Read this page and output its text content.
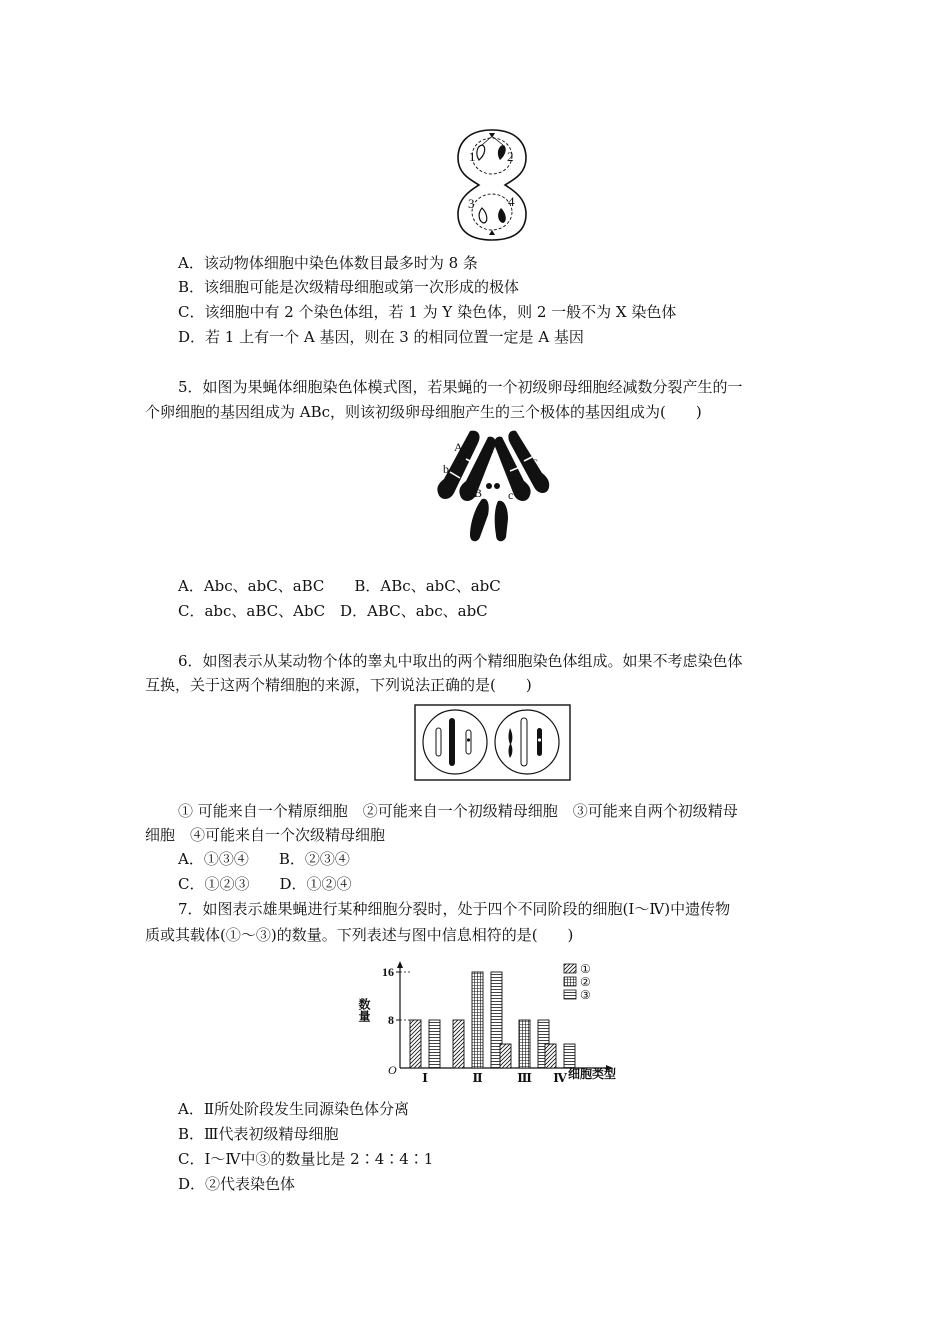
1 2
3	4
A．该动物体细胞中染色体数目最多时为 8 条
B．该细胞可能是次级精母细胞或第一次形成的极体
C．该细胞中有 2 个染色体组，若 1 为 Y 染色体，则 2 一般不为 X 染色体
D．若 1 上有一个 A 基因，则在 3 的相同位置一定是 A 基因
5．如图为果蝇体细胞染色体模式图，若果蝇的一个初级卵母细胞经减数分裂产生的一
个卵细胞的基因组成为 ABc，则该初级卵母细胞产生的三个极体的基因组成为(　　)
A a
b
B c
C
A．Abc、abC、aBC　　B．ABc、abC、abC
C．abc、aBC、AbC　D．ABC、abc、abC
6．如图表示从某动物个体的睾丸中取出的两个精细胞染色体组成。如果不考虑染色体
互换，关于这两个精细胞的来源，下列说法正确的是(　　)
① 可能来自一个精原细胞　②可能来自一个初级精母细胞　③可能来自两个初级精母
细胞　④可能来自一个次级精母细胞
A．①③④　　B．②③④
C．①②③　　D．①②④
7．如图表示雄果蝇进行某种细胞分裂时，处于四个不同阶段的细胞(Ⅰ～Ⅳ)中遗传物
质或其载体(①～③)的数量。下列表述与图中信息相符的是(　　)
8
16
Ⅰ	Ⅱ	Ⅲ Ⅳ
①
②
③
数量
O	细胞类型
A．Ⅱ所处阶段发生同源染色体分离
B．Ⅲ代表初级精母细胞
C．Ⅰ～Ⅳ中③的数量比是 2∶4∶4∶1
D．②代表染色体
